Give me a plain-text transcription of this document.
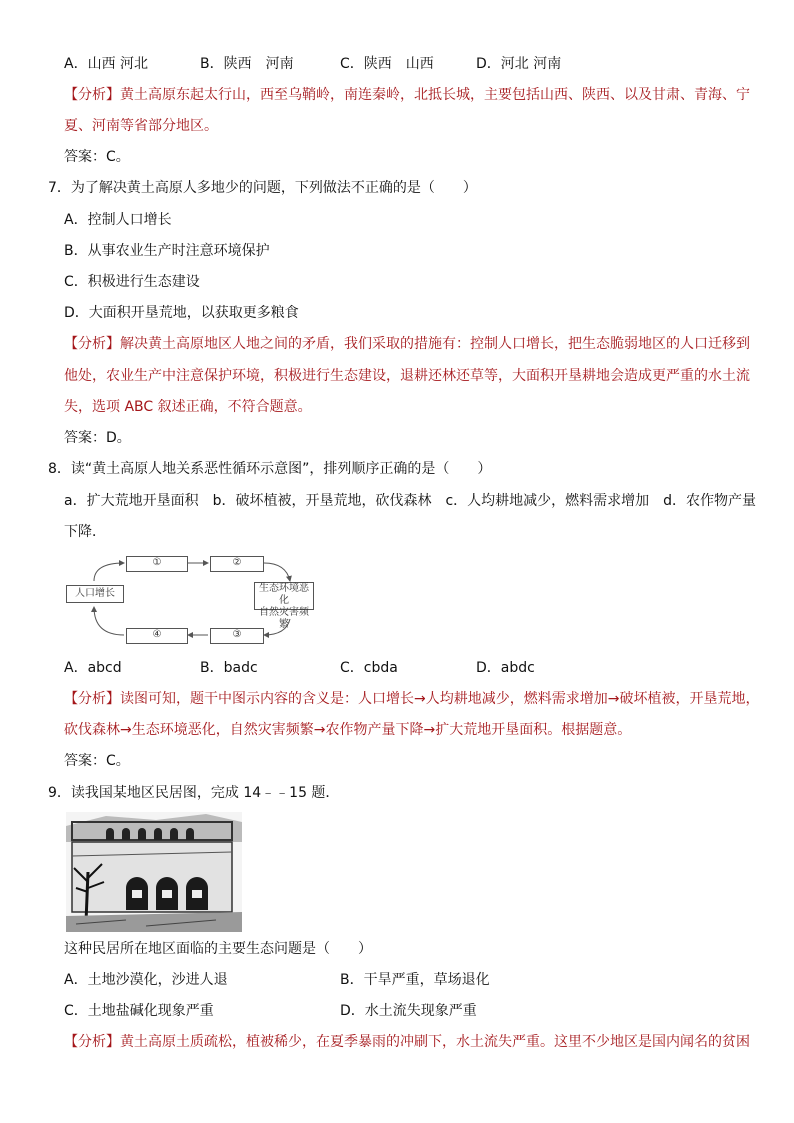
A．山西 河北	B．陕西　河南	C．陕西　山西	D．河北 河南
【分析】黄土高原东起太行山，西至乌鞘岭，南连秦岭，北抵长城，主要包括山西、陕西、以及甘肃、青海、宁
夏、河南等省部分地区。
答案：C。
7．为了解决黄土高原人多地少的问题，下列做法不正确的是（　　）
A．控制人口增长
B．从事农业生产时注意环境保护
C．积极进行生态建设
D．大面积开垦荒地，以获取更多粮食
【分析】解决黄土高原地区人地之间的矛盾，我们采取的措施有：控制人口增长，把生态脆弱地区的人口迁移到
他处，农业生产中注意保护环境，积极进行生态建设，退耕还林还草等，大面积开垦耕地会造成更严重的水土流
失，选项 ABC 叙述正确，不符合题意。
答案：D。
8．读“黄土高原人地关系恶性循环示意图”，排列顺序正确的是（　　）
a．扩大荒地开垦面积　b．破坏植被，开垦荒地，砍伐森林　c．人均耕地减少，燃料需求增加　d．农作物产量
下降．
①	②
人口增长	生态环境恶化
自然灾害频繁
③
④
A．abcd	B．badc	C．cbda	D．abdc
【分析】读图可知，题干中图示内容的含义是：人口增长→人均耕地减少，燃料需求增加→破坏植被，开垦荒地，
砍伐森林→生态环境恶化，自然灾害频繁→农作物产量下降→扩大荒地开垦面积。根据题意。
答案：C。
9．读我国某地区民居图，完成 14﹣﹣15 题．
这种民居所在地区面临的主要生态问题是（　　）
A．土地沙漠化，沙进人退	B．干旱严重，草场退化
C．土地盐碱化现象严重	D．水土流失现象严重
【分析】黄土高原土质疏松，植被稀少，在夏季暴雨的冲刷下，水土流失严重。这里不少地区是国内闻名的贫困
